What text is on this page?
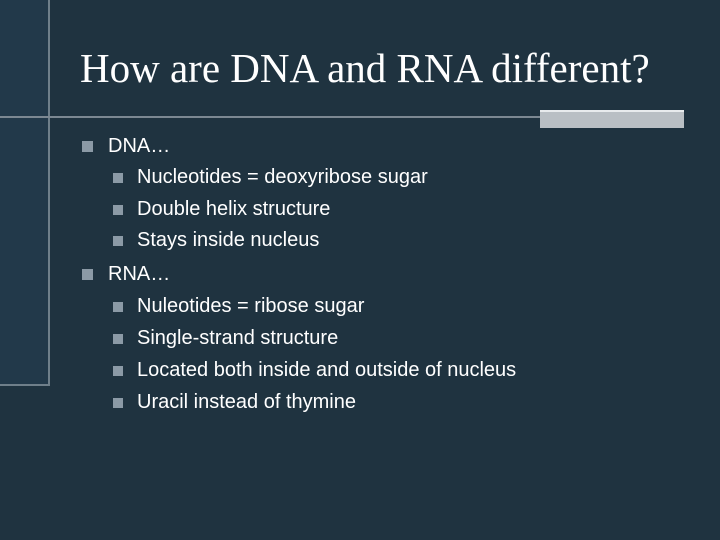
How are DNA and RNA different?
DNA…
Nucleotides = deoxyribose sugar
Double helix structure
Stays inside nucleus
RNA…
Nuleotides = ribose sugar
Single-strand structure
Located both inside and outside of nucleus
Uracil instead of thymine
